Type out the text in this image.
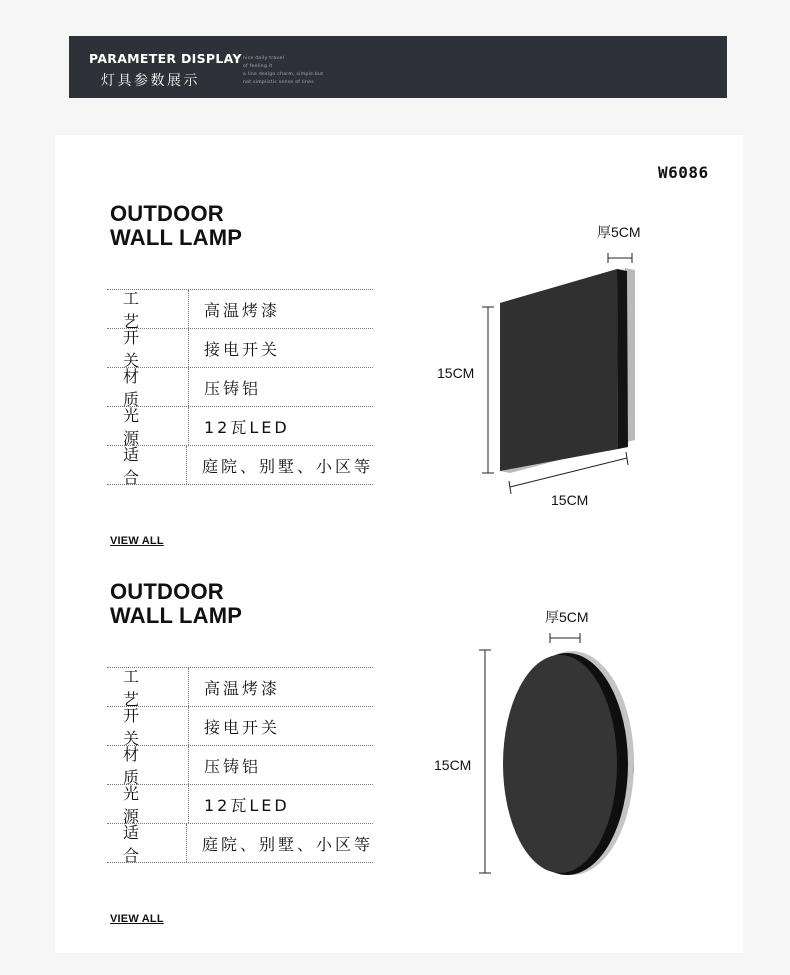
PARAMETER DISPLAY
灯具参数展示
nice daily travel
of feeling it
a line design charm, simple but
not simplistic sense of lines
W6086
OUTDOOR
WALL LAMP
工艺
高温烤漆
开关
接电开关
材质
压铸铝
光源
12瓦LED
适合
庭院、别墅、小区等
VIEW ALL
厚5CM
15CM
15CM
OUTDOOR
WALL LAMP
工艺
高温烤漆
开关
接电开关
材质
压铸铝
光源
12瓦LED
适合
庭院、别墅、小区等
VIEW ALL
厚5CM
15CM
